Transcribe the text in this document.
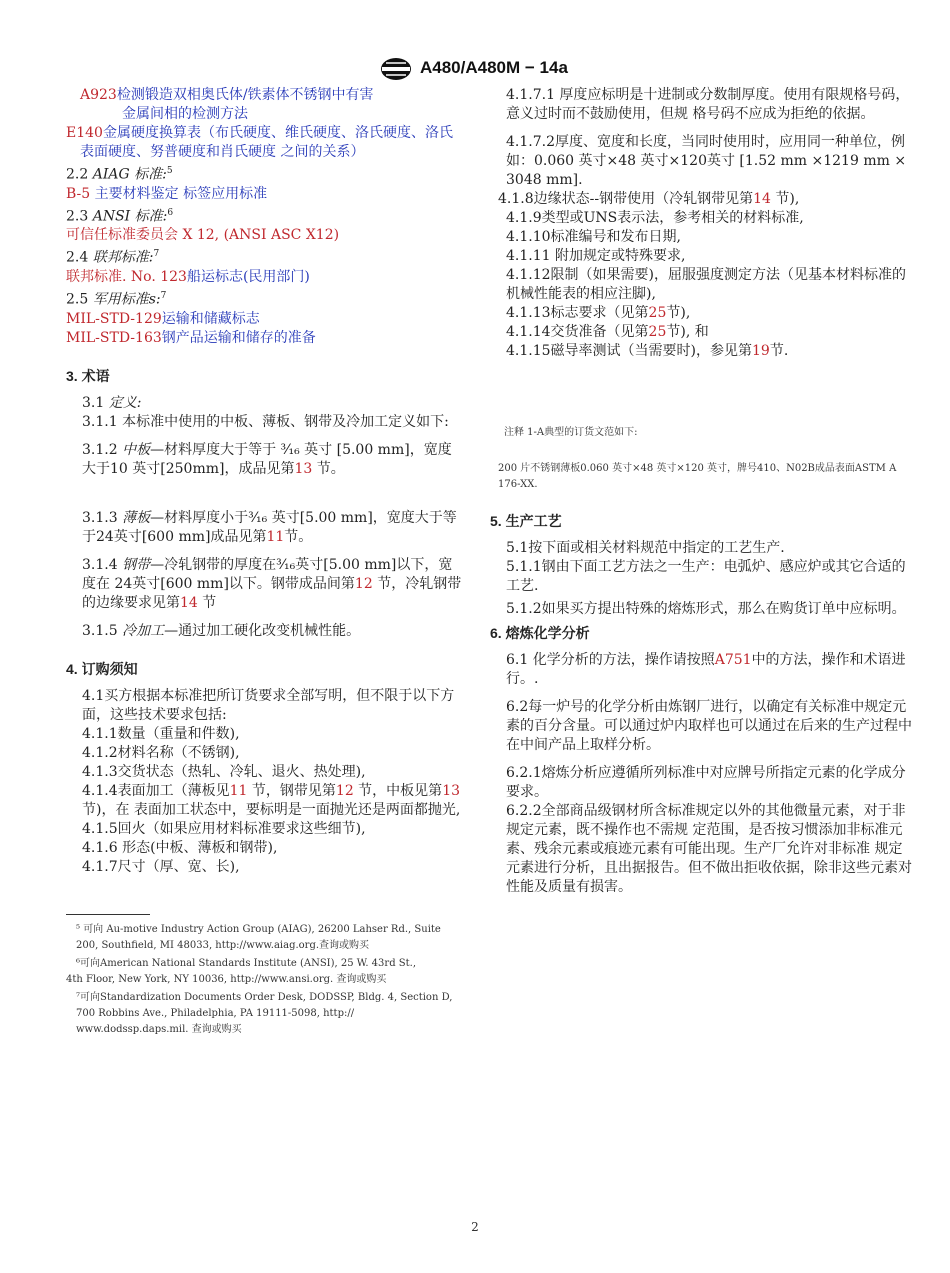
A480/A480M − 14a

A923检测锻造双相奥氏体/铁素体不锈钢中有害
金属间相的检测方法

E140金属硬度换算表（布氏硬度、维氏硬度、洛氏硬度、洛氏表面硬度、努普硬度和肖氏硬度 之间的关系）

2.2 AIAG 标准:$^5$

B-5 主要材料鉴定 标签应用标准

2.3 ANSI 标准:$^6$

可信任标准委员会 X 12, (ANSI ASC X12)

2.4 联邦标准:$^7$

联邦标准. No. 123船运标志(民用部门)

2.5 军用标准s:$^7$

MIL-STD-129运输和储藏标志

MIL-STD-163钢产品运输和储存的准备

3. 术语

3.1 定义:

3.1.1 本标准中使用的中板、薄板、钢带及冷加工定义如下:

3.1.2 中板—材料厚度大于等于 ³⁄₁₆ 英寸 [5.00 mm]，宽度大于10 英寸[250mm]，成品见第13 节。

3.1.3 薄板—材料厚度小于³⁄₁₆ 英寸[5.00 mm]，宽度大于等于24英寸[600 mm]成品见第11节。

3.1.4 钢带—冷轧钢带的厚度在³⁄₁₆英寸[5.00 mm]以下，宽度在 24英寸[600 mm]以下。钢带成品间第12 节，冷轧钢带的边缘要求见第14 节

3.1.5 冷加工—通过加工硬化改变机械性能。

4. 订购须知

4.1买方根据本标准把所订货要求全部写明，但不限于以下方面，这些技术要求包括:

4.1.1数量（重量和件数),

4.1.2材料名称（不锈钢),

4.1.3交货状态（热轧、冷轧、退火、热处理),

4.1.4表面加工（薄板见11 节，钢带见第12 节，中板见第13节)，在 表面加工状态中，要标明是一面抛光还是两面都抛光,

4.1.5回火（如果应用材料标准要求这些细节),

4.1.6 形态(中板、薄板和钢带),

4.1.7尺寸（厚、宽、长),

⁵ 可向 Au-motive Industry Action Group (AIAG), 26200 Lahser Rd., Suite 200, Southfield, MI 48033, http://www.aiag.org.查询或购买

⁶可向American National Standards Institute (ANSI), 25 W. 43rd St.,

4th Floor, New York, NY 10036, http://www.ansi.org. 查询或购买

⁷可向Standardization Documents Order Desk, DODSSP, Bldg. 4, Section D, 700 Robbins Ave., Philadelphia, PA 19111-5098, http:// www.dodssp.daps.mil. 查询或购买

4.1.7.1 厚度应标明是十进制或分数制厚度。使用有限规格号码，意义过时而不鼓励使用，但规 格号码不应成为拒绝的依据。

4.1.7.2厚度、宽度和长度，当同时使用时，应用同一种单位，例如：0.060 英寸×48 英寸×120英寸 [1.52 mm ×1219 mm × 3048 mm].

4.1.8边缘状态--钢带使用（冷轧钢带见第14 节),

4.1.9类型或UNS表示法，参考相关的材料标准,

4.1.10标准编号和发布日期,

4.1.11 附加规定或特殊要求,

4.1.12限制（如果需要)，屈服强度测定方法（见基本材料标准的机械性能表的相应注脚),

4.1.13标志要求（见第25节),

4.1.14交货准备（见第25节), 和

4.1.15磁导率测试（当需要时)，参见第19节.

注释 1-A典型的订货文范如下:

200 片不锈钢薄板0.060 英寸×48 英寸×120 英寸，牌号410、N02B成品表面ASTM A 176-XX.

5. 生产工艺

5.1按下面或相关材料规范中指定的工艺生产.

5.1.1钢由下面工艺方法之一生产：电弧炉、感应炉或其它合适的工艺.

5.1.2如果买方提出特殊的熔炼形式，那么在购货订单中应标明。

6. 熔炼化学分析

6.1 化学分析的方法，操作请按照A751中的方法，操作和术语进行。.

6.2每一炉号的化学分析由炼钢厂进行，以确定有关标准中规定元素的百分含量。可以通过炉内取样也可以通过在后来的生产过程中在中间产品上取样分析。

6.2.1熔炼分析应遵循所列标准中对应牌号所指定元素的化学成分要求。

6.2.2全部商品级钢材所含标准规定以外的其他微量元素，对于非规定元素，既不操作也不需规 定范围，是否按习惯添加非标准元素、残余元素或痕迹元素有可能出现。生产厂允许对非标准 规定元素进行分析，且出据报告。但不做出拒收依据，除非这些元素对性能及质量有损害。

2
